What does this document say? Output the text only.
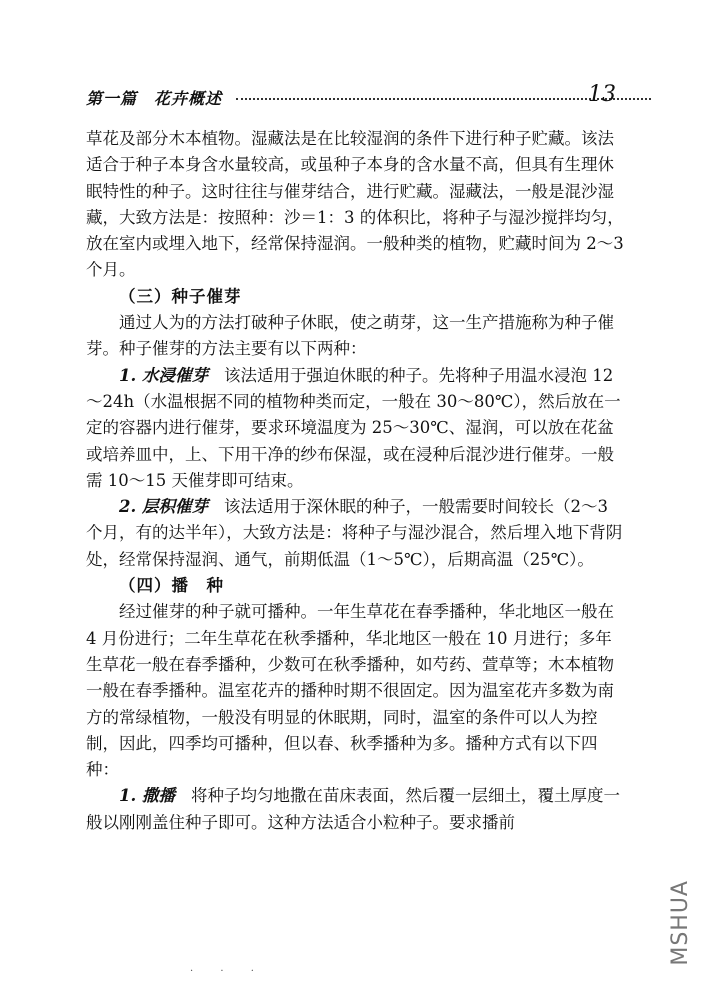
第一篇　花卉概述	13

草花及部分木本植物。湿藏法是在比较湿润的条件下进行种子贮藏。该法适合于种子本身含水量较高，或虽种子本身的含水量不高，但具有生理休眠特性的种子。这时往往与催芽结合，进行贮藏。湿藏法，一般是混沙湿藏，大致方法是：按照种：沙＝1：3 的体积比，将种子与湿沙搅拌均匀，放在室内或埋入地下，经常保持湿润。一般种类的植物，贮藏时间为 2～3 个月。

（三）种子催芽

通过人为的方法打破种子休眠，使之萌芽，这一生产措施称为种子催芽。种子催芽的方法主要有以下两种：

1. 水浸催芽 该法适用于强迫休眠的种子。先将种子用温水浸泡 12～24h（水温根据不同的植物种类而定，一般在 30～80℃），然后放在一定的容器内进行催芽，要求环境温度为 25～30℃、湿润，可以放在花盆或培养皿中，上、下用干净的纱布保湿，或在浸种后混沙进行催芽。一般需 10～15 天催芽即可结束。

2. 层积催芽 该法适用于深休眠的种子，一般需要时间较长（2～3 个月，有的达半年），大致方法是：将种子与湿沙混合，然后埋入地下背阴处，经常保持湿润、通气，前期低温（1～5℃），后期高温（25℃）。

（四）播　种

经过催芽的种子就可播种。一年生草花在春季播种，华北地区一般在 4 月份进行；二年生草花在秋季播种，华北地区一般在 10 月进行；多年生草花一般在春季播种，少数可在秋季播种，如芍药、萱草等；木本植物一般在春季播种。温室花卉的播种时期不很固定。因为温室花卉多数为南方的常绿植物，一般没有明显的休眠期，同时，温室的条件可以人为控制，因此，四季均可播种，但以春、秋季播种为多。播种方式有以下四种：

1. 撒播 将种子均匀地撒在苗床表面，然后覆一层细土，覆土厚度一般以刚刚盖住种子即可。这种方法适合小粒种子。要求播前

MSHUA
· · ·
